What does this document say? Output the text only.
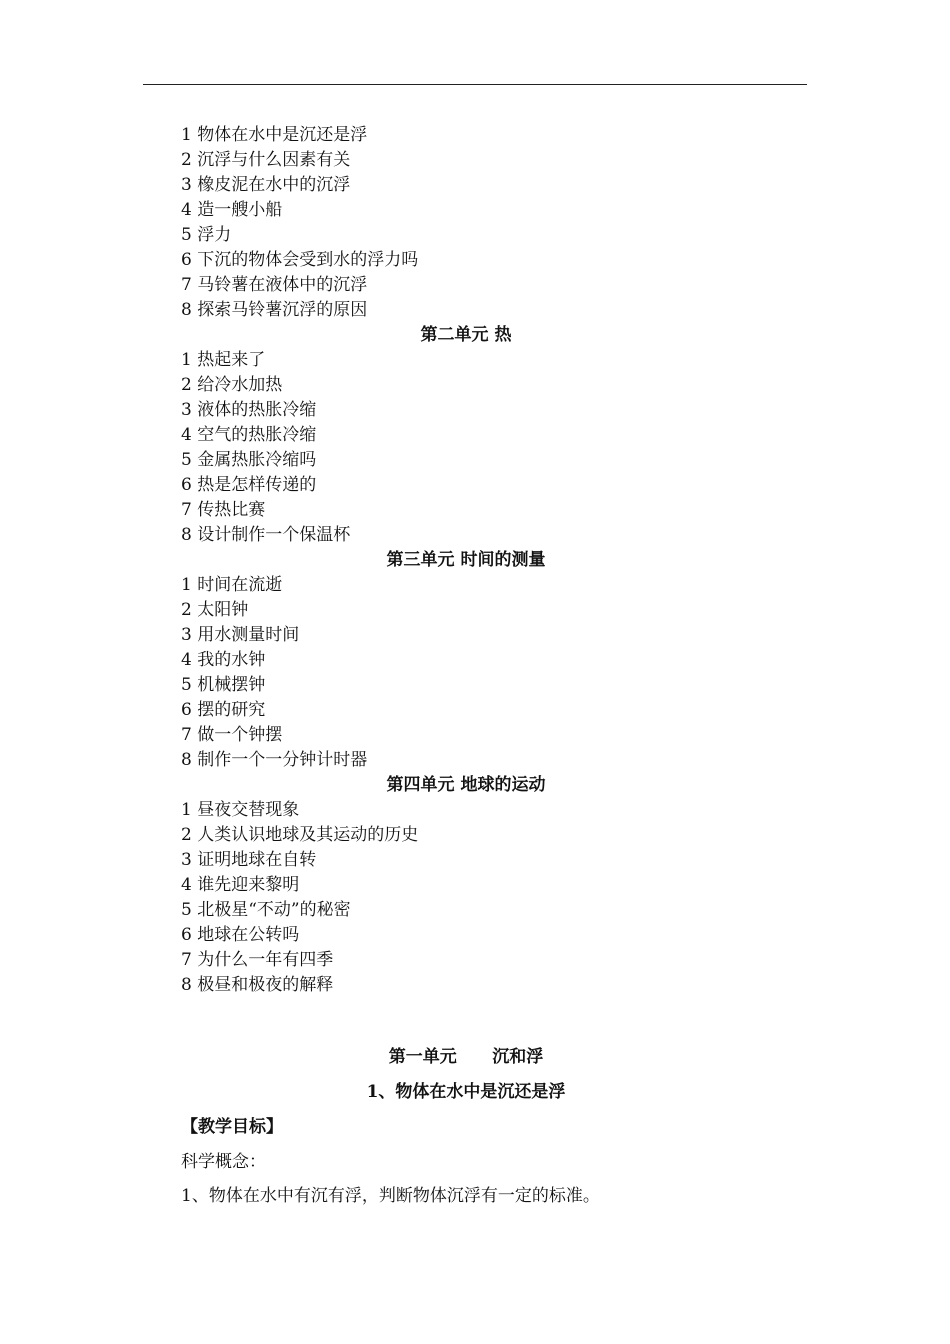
1 物体在水中是沉还是浮
2 沉浮与什么因素有关
3 橡皮泥在水中的沉浮
4 造一艘小船
5 浮力
6 下沉的物体会受到水的浮力吗
7 马铃薯在液体中的沉浮
8 探索马铃薯沉浮的原因
第二单元 热
1 热起来了
2 给冷水加热
3 液体的热胀冷缩
4 空气的热胀冷缩
5 金属热胀冷缩吗
6 热是怎样传递的
7 传热比赛
8 设计制作一个保温杯
第三单元 时间的测量
1 时间在流逝
2 太阳钟
3 用水测量时间
4 我的水钟
5 机械摆钟
6 摆的研究
7 做一个钟摆
8 制作一个一分钟计时器
第四单元 地球的运动
1 昼夜交替现象
2 人类认识地球及其运动的历史
3 证明地球在自转
4 谁先迎来黎明
5 北极星“不动”的秘密
6 地球在公转吗
7 为什么一年有四季
8 极昼和极夜的解释
第一单元      沉和浮
1、物体在水中是沉还是浮
【教学目标】
科学概念：
1、物体在水中有沉有浮，判断物体沉浮有一定的标准。
